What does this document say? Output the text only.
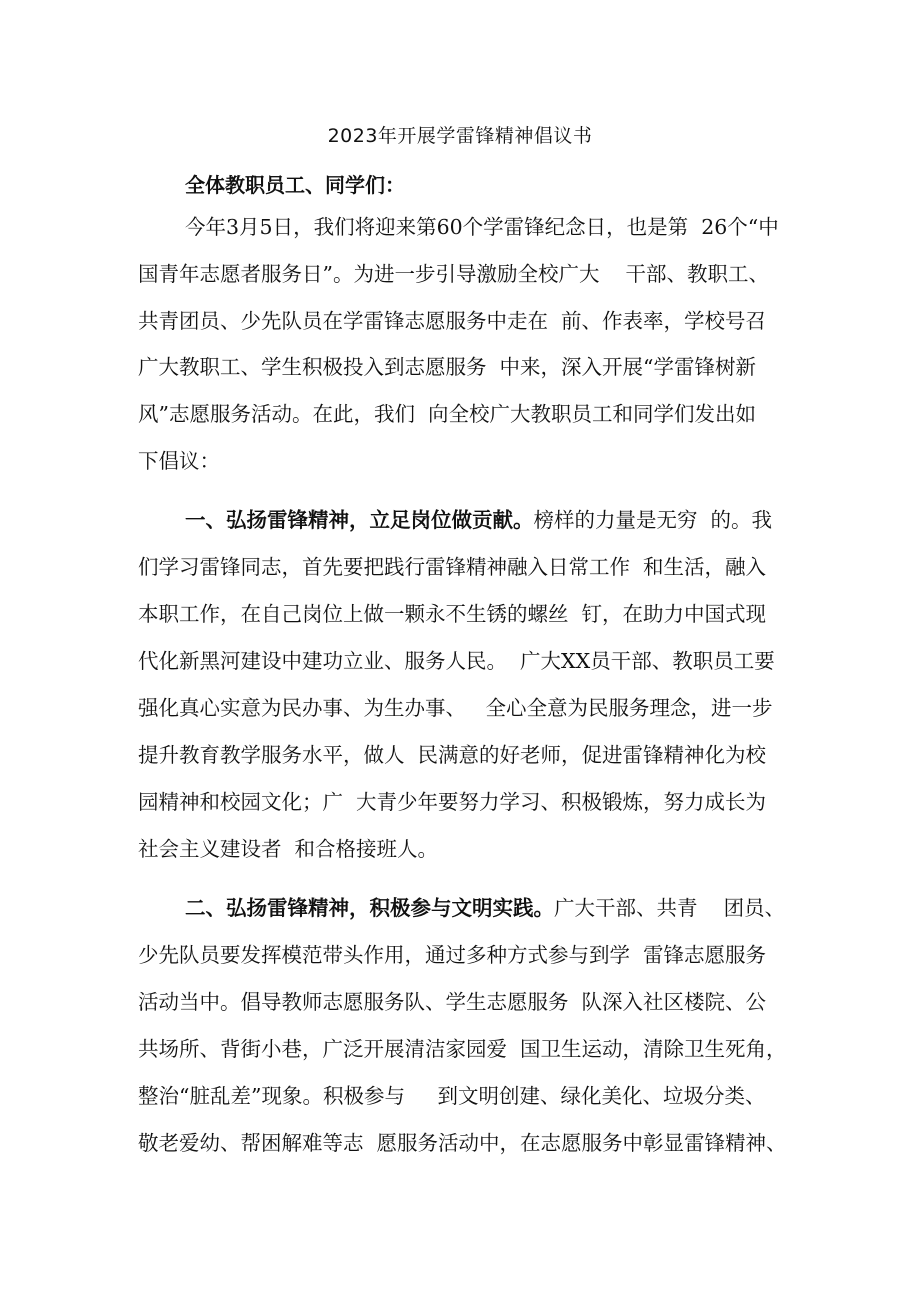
2023年开展学雷锋精神倡议书
全体教职员工、同学们：
今年3月5日，我们将迎来第60个学雷锋纪念日，也是第  26个“中
国青年志愿者服务日”。为进一步引导激励全校广大    干部、教职工、
共青团员、少先队员在学雷锋志愿服务中走在  前、作表率，学校号召
广大教职工、学生积极投入到志愿服务  中来，深入开展“学雷锋树新
风”志愿服务活动。在此，我们  向全校广大教职员工和同学们发出如
下倡议：
一、弘扬雷锋精神，立足岗位做贡献。榜样的力量是无穷  的。我
们学习雷锋同志，首先要把践行雷锋精神融入日常工作  和生活，融入
本职工作，在自己岗位上做一颗永不生锈的螺丝  钉，在助力中国式现
代化新黑河建设中建功立业、服务人民。  广大XX员干部、教职员工要
强化真心实意为民办事、为生办事、   全心全意为民服务理念，进一步
提升教育教学服务水平，做人  民满意的好老师，促进雷锋精神化为校
园精神和校园文化；广  大青少年要努力学习、积极锻炼，努力成长为
社会主义建设者  和合格接班人。
二、弘扬雷锋精神，积极参与文明实践。广大干部、共青    团员、
少先队员要发挥模范带头作用，通过多种方式参与到学  雷锋志愿服务
活动当中。倡导教师志愿服务队、学生志愿服务  队深入社区楼院、公
共场所、背街小巷，广泛开展清洁家园爱  国卫生运动，清除卫生死角，
整治“脏乱差”现象。积极参与     到文明创建、绿化美化、垃圾分类、
敬老爱幼、帮困解难等志  愿服务活动中，在志愿服务中彰显雷锋精神、
